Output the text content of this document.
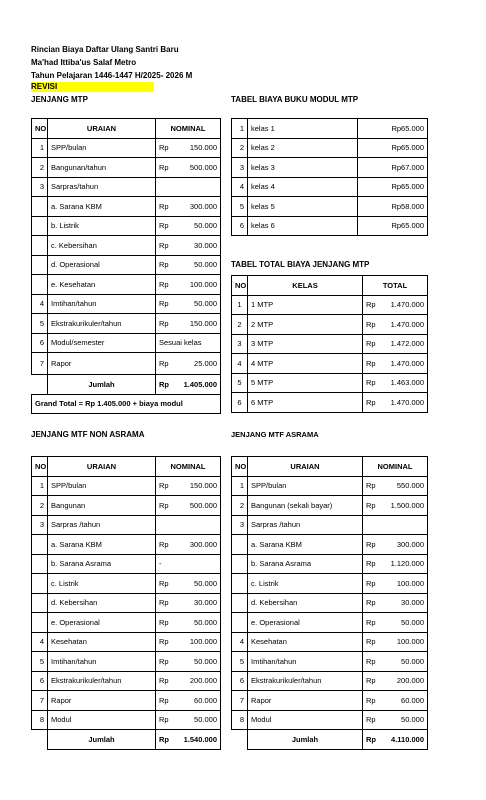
Rincian Biaya Daftar Ulang Santri Baru
Ma'had Ittiba'us Salaf Metro
Tahun Pelajaran 1446-1447 H/2025- 2026 M
REVISI
JENJANG MTP	TABEL BIAYA BUKU MODUL MTP
TABEL TOTAL BIAYA JENJANG MTP
JENJANG MTF NON ASRAMA	JENJANG MTF ASRAMA
NO	URAIAN	NOMINAL	
1	SPP/bulan	Rp	150.000
2	Bangunan/tahun	Rp	500.000
3	Sarpras/tahun		
	a. Sarana KBM	Rp	300.000
	b. Listrik	Rp	50.000
	c. Kebersihan	Rp	30.000
	d. Operasional	Rp	50.000
	e. Kesehatan	Rp	100.000
4	Imtihan/tahun	Rp	50.000
5	Ekstrakurikuler/tahun	Rp	150.000
6	Modul/semester	Sesuai kelas	
7	Rapor	Rp	25.000
	Jumlah	Rp	1.405.000
Grand Total = Rp 1.405.000 + biaya modul			
1	kelas 1	Rp65.000
2	kelas 2	Rp65.000
3	kelas 3	Rp67.000
4	kelas 4	Rp65.000
5	kelas 5	Rp58.000
6	kelas 6	Rp65.000
NO	KELAS	TOTAL	
1	1 MTP	Rp	1.470.000
2	2 MTP	Rp	1.470.000
3	3 MTP	Rp	1.472.000
4	4 MTP	Rp	1.470.000
5	5 MTP	Rp	1.463.000
6	6 MTP	Rp	1.470.000
NO	URAIAN	NOMINAL	
1	SPP/bulan	Rp	150.000
2	Bangunan	Rp	500.000
3	Sarpras /tahun		
	a. Sarana KBM	Rp	300.000
	b. Sarana Asrama	-	
	c. Listrik	Rp	50.000
	d. Kebersihan	Rp	30.000
	e. Operasional	Rp	50.000
4	Kesehatan	Rp	100.000
5	Imtihan/tahun	Rp	50.000
6	Ekstrakurikuler/tahun	Rp	200.000
7	Rapor	Rp	60.000
8	Modul	Rp	50.000
	Jumlah	Rp	1.540.000
NO	URAIAN	NOMINAL	
1	SPP/bulan	Rp	550.000
2	Bangunan (sekali bayar)	Rp	1.500.000
3	Sarpras /tahun		
	a. Sarana KBM	Rp	300.000
	b. Sarana Asrama	Rp	1.120.000
	c. Listrik	Rp	100.000
	d. Kebersihan	Rp	30.000
	e. Operasional	Rp	50.000
4	Kesehatan	Rp	100.000
5	Imtihan/tahun	Rp	50.000
6	Ekstrakurikuler/tahun	Rp	200.000
7	Rapor	Rp	60.000
8	Modul	Rp	50.000
	Jumlah	Rp	4.110.000
